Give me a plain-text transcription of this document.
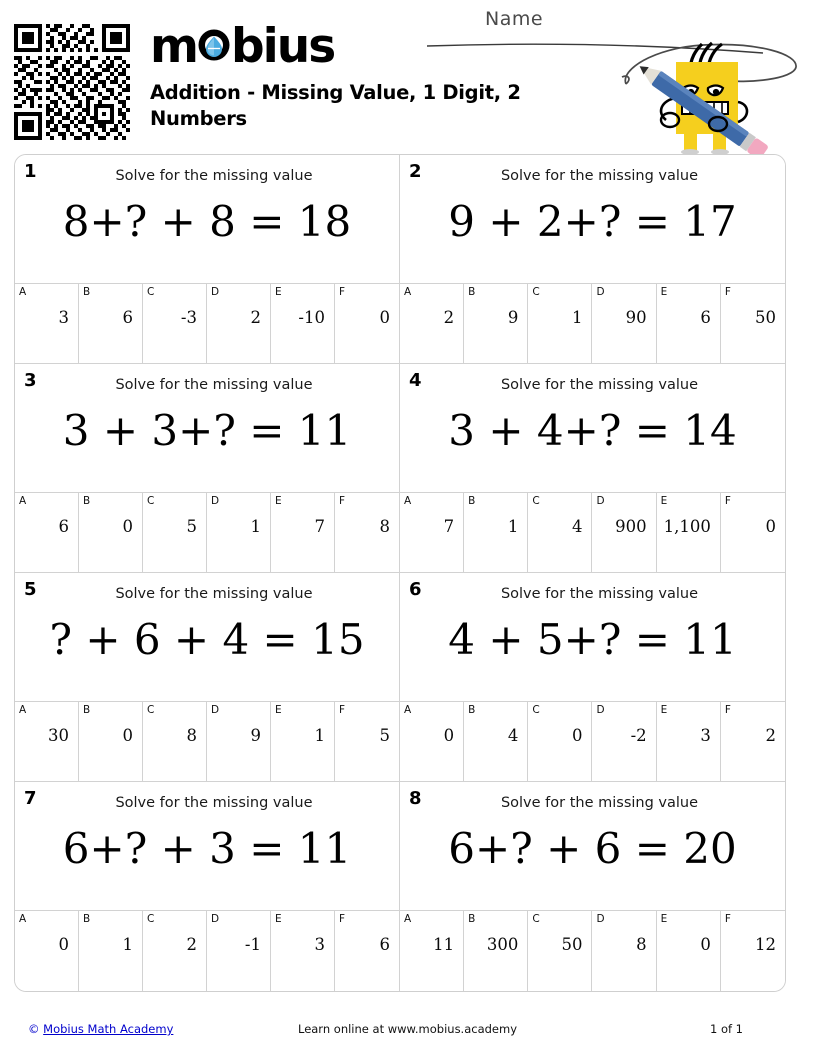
m bius
Addition - Missing Value, 1 Digit, 2 Numbers
Name
1	Solve for the missing value
8+? + 8 = 18
A
3
B
6
C
-3
D
2
E
-10
F
0
2	Solve for the missing value
9 + 2+? = 17
A
2
B
9
C
1
D
90
E
6
F
50
3	Solve for the missing value
3 + 3+? = 11
A
6
B
0
C
5
D
1
E
7
F
8
4	Solve for the missing value
3 + 4+? = 14
A
7
B
1
C
4
D
900
E
1,100
F
0
5	Solve for the missing value
? + 6 + 4 = 15
A
30
B
0
C
8
D
9
E
1
F
5
6	Solve for the missing value
4 + 5+? = 11
A
0
B
4
C
0
D
-2
E
3
F
2
7	Solve for the missing value
6+? + 3 = 11
A
0
B
1
C
2
D
-1
E
3
F
6
8	Solve for the missing value
6+? + 6 = 20
A
11
B
300
C
50
D
8
E
0
F
12
© Mobius Math Academy	Learn online at www.mobius.academy	1 of 1
